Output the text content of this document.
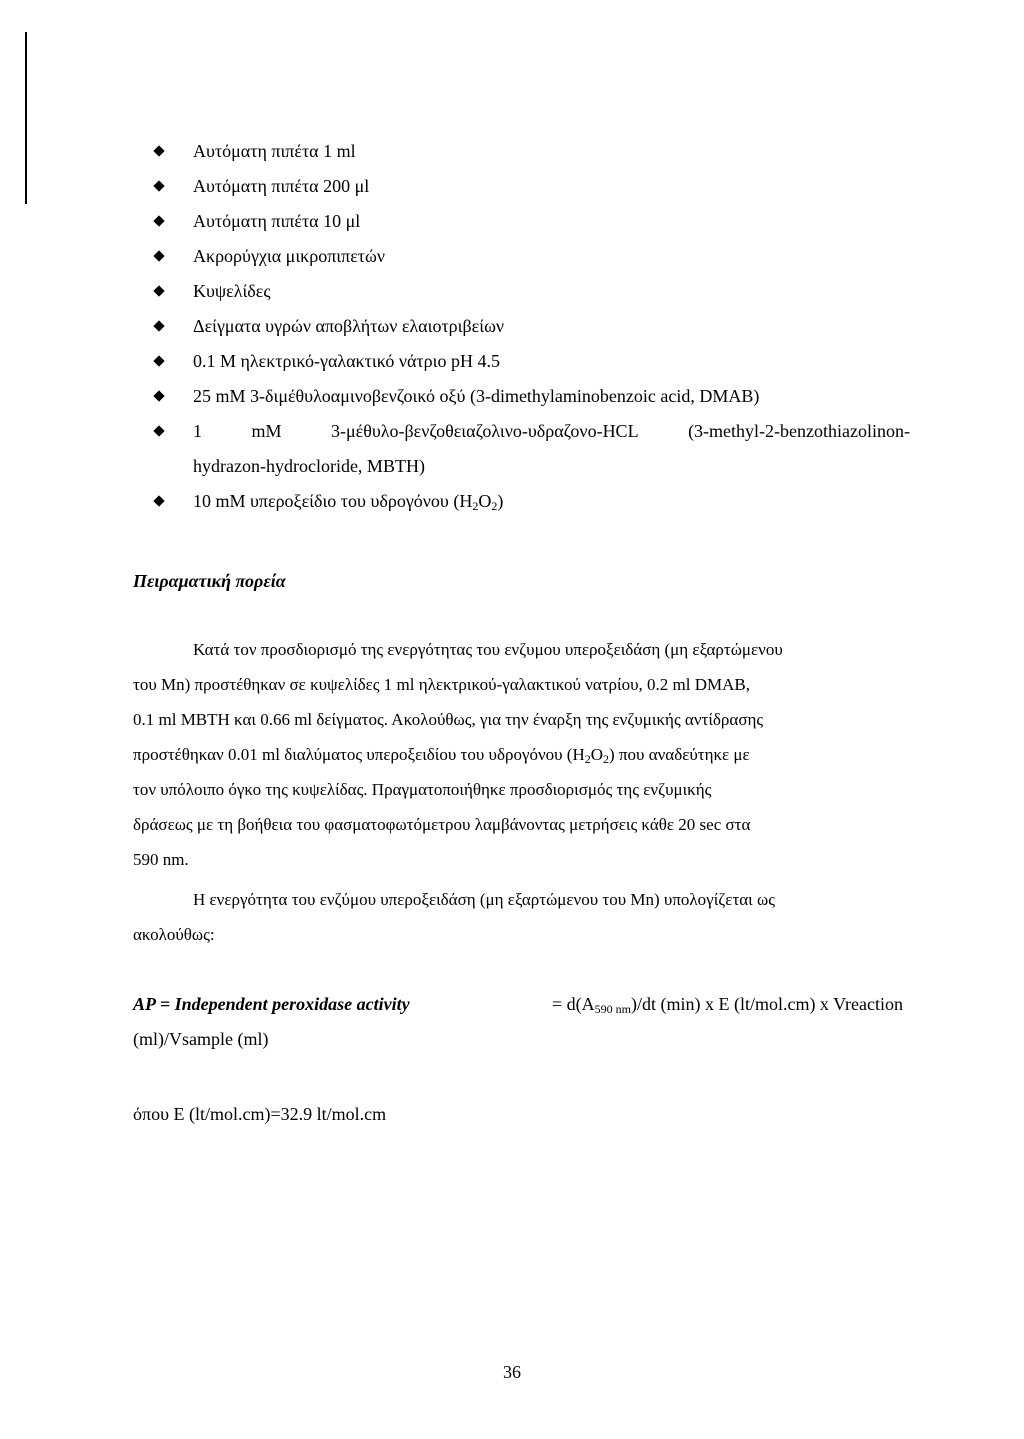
Αυτόματη πιπέτα 1 ml
Αυτόματη πιπέτα 200 μl
Αυτόματη πιπέτα 10 μl
Ακρορύγχια μικροπιπετών
Κυψελίδες
Δείγματα υγρών αποβλήτων ελαιοτριβείων
0.1 M ηλεκτρικό-γαλακτικό νάτριο pH 4.5
25 mM 3-διμέθυλοαμινοβενζοικό οξύ (3-dimethylaminobenzoic acid, DMAB)
1	mM	3-μέθυλο-βενζοθειαζολινο-υδραζονο-HCL	(3-methyl-2-benzothiazolinon-
hydrazon-hydrocloride, MBTH)
10 mM υπεροξείδιο του υδρογόνου $(H_2O_2)$
Πειραματική πορεία
Κατά τον προσδιορισμό της ενεργότητας του ενζυμου υπεροξειδάση (μη εξαρτώμενου
του Mn) προστέθηκαν σε κυψελίδες 1 ml ηλεκτρικού-γαλακτικού νατρίου, 0.2 ml DMAB,
0.1 ml MBTH και 0.66 ml δείγματος. Ακολούθως, για την έναρξη της ενζυμικής αντίδρασης
προστέθηκαν 0.01 ml διαλύματος υπεροξειδίου του υδρογόνου $(H_2O_2)$ που αναδεύτηκε με
τον υπόλοιπο όγκο της κυψελίδας. Πραγματοποιήθηκε προσδιορισμός της ενζυμικής
δράσεως με τη βοήθεια του φασματοφωτόμετρου λαμβάνοντας μετρήσεις κάθε 20 sec στα
590 nm.
Η ενεργότητα του ενζύμου υπεροξειδάση (μη εξαρτώμενου του Mn) υπολογίζεται ως
ακολούθως:
AP = Independent peroxidase activity	= $d(A_{590 nm})/dt$ (min) x E (lt/mol.cm) x Vreaction
(ml)/Vsample (ml)
όπου E (lt/mol.cm)=32.9 lt/mol.cm
36
